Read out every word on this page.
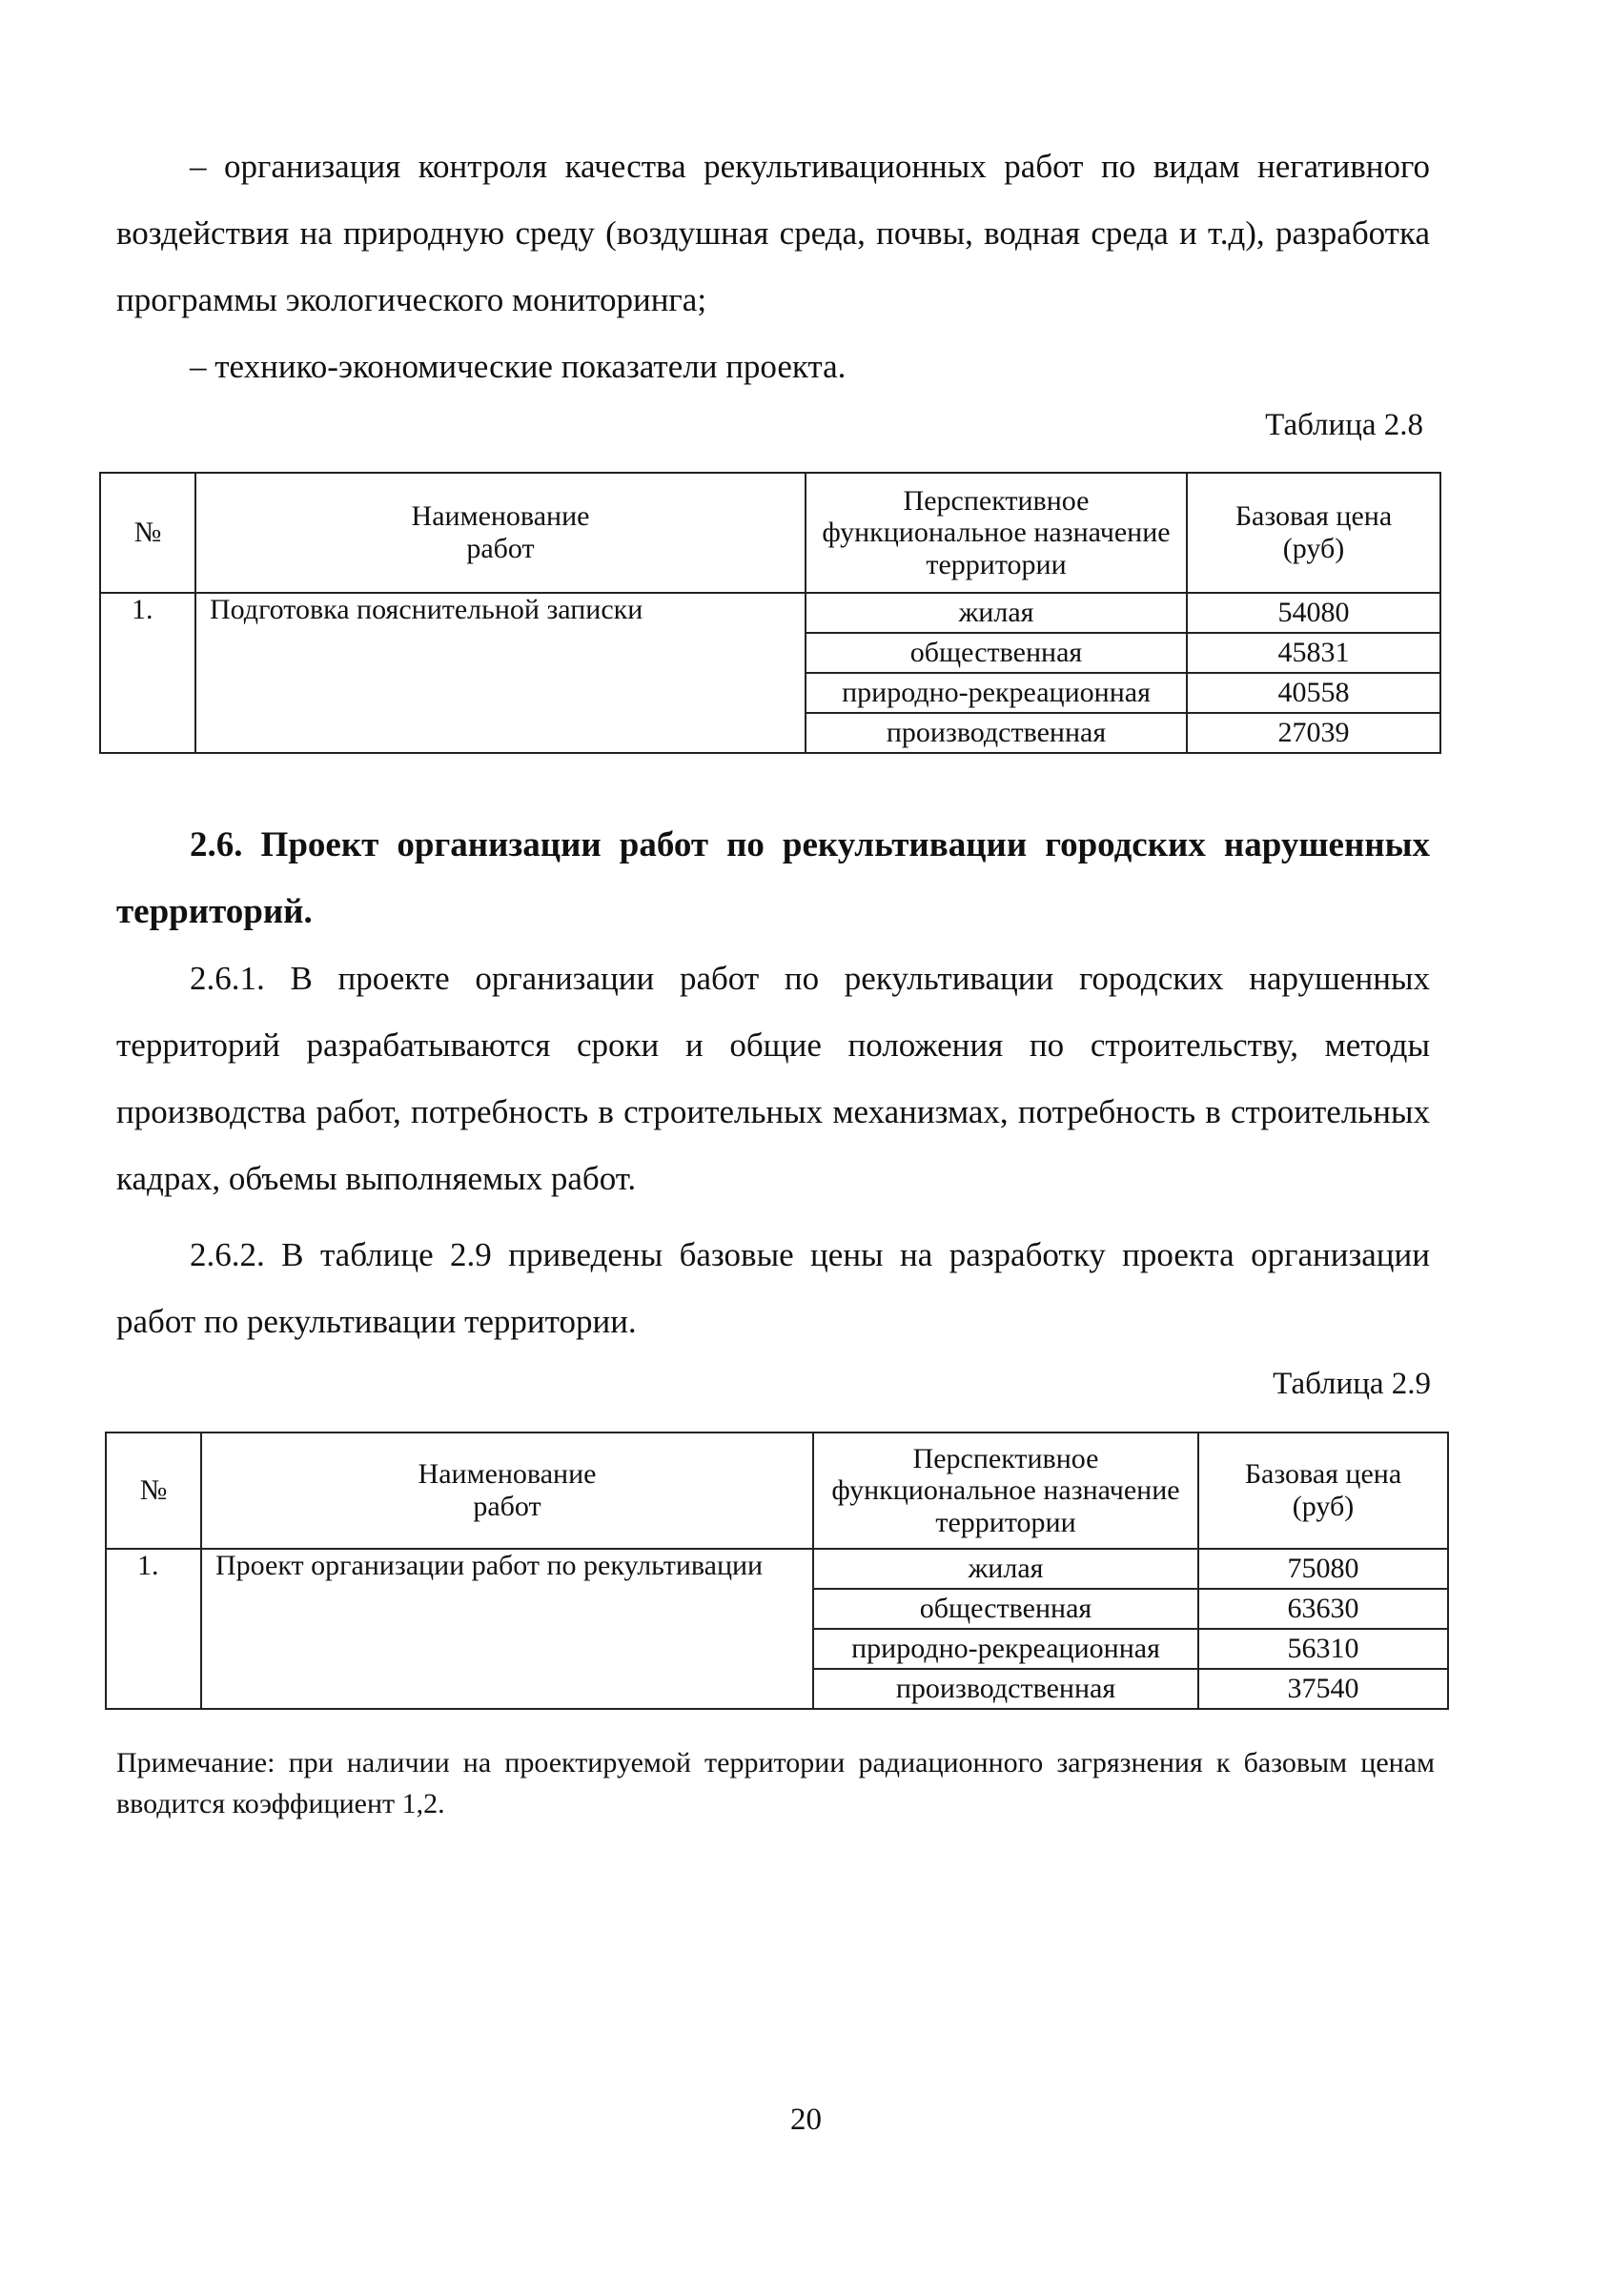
– организация контроля качества рекультивационных работ по видам негативного воздействия на природную среду (воздушная среда, почвы, водная среда и т.д), разработка программы экологического мониторинга;

– технико-экономические показатели проекта.

Таблица 2.8

№	Наименование работ	Перспективное функциональное назначение территории	Базовая цена (руб)

1.	Подготовка пояснительной записки	жилая	54080
		общественная	45831
		природно-рекреационная	40558
		производственная	27039

2.6. Проект организации работ по рекультивации городских нарушенных территорий.

2.6.1. В проекте организации работ по рекультивации городских нарушенных территорий разрабатываются сроки и общие положения по строительству, методы производства работ, потребность в строительных механизмах, потребность в строительных кадрах, объемы выполняемых работ.

2.6.2. В таблице 2.9 приведены базовые цены на разработку проекта организации работ по рекультивации территории.

Таблица 2.9

№	Наименование работ	Перспективное функциональное назначение территории	Базовая цена (руб)

1.	Проект организации работ по рекультивации	жилая	75080
		общественная	63630
		природно-рекреационная	56310
		производственная	37540

Примечание: при наличии на проектируемой территории радиационного загрязнения к базовым ценам вводится коэффициент 1,2.

20
